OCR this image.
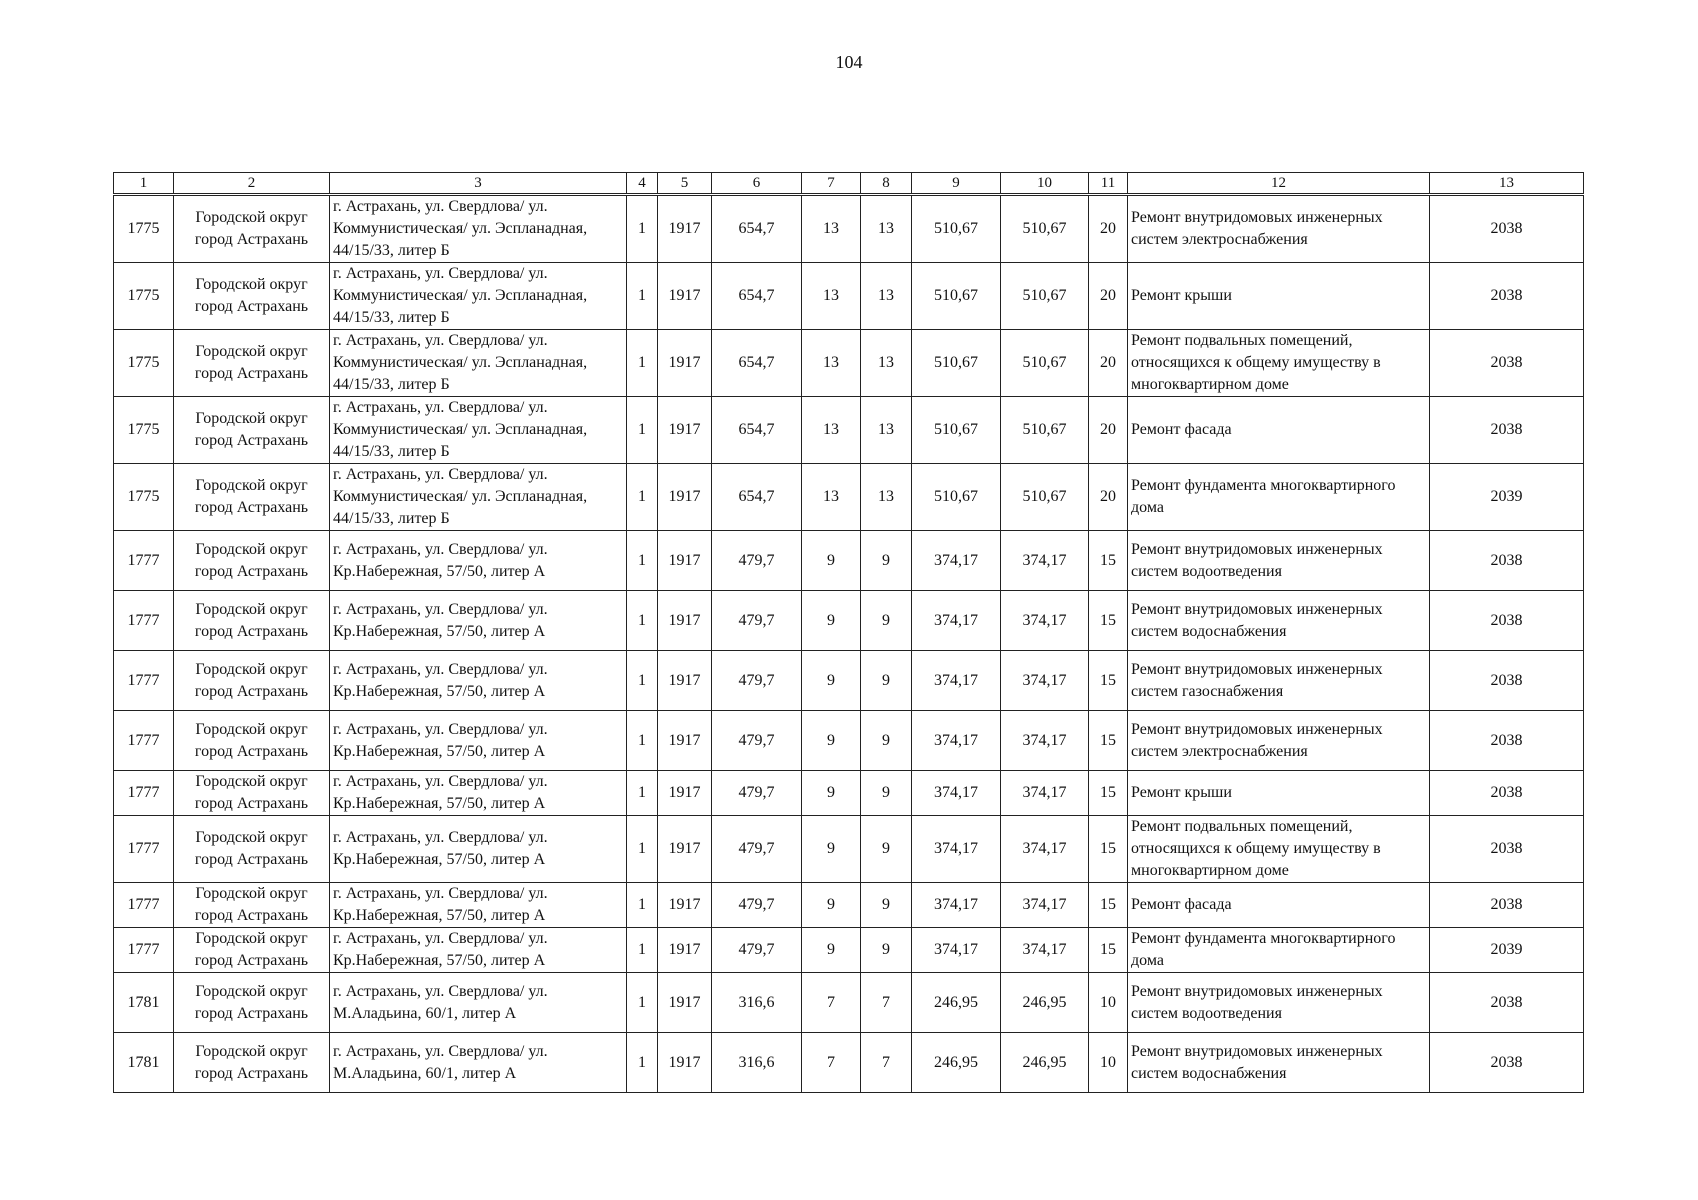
104
1	2	3	4	5	6	7	8	9	10	11	12	13
1775	Городской округ город Астрахань	г. Астрахань, ул. Свердлова/ ул. Коммунистическая/ ул. Эспланадная, 44/15/33, литер Б	1	1917	654,7	13	13	510,67	510,67	20	Ремонт внутридомовых инженерных систем электроснабжения	2038
1775	Городской округ город Астрахань	г. Астрахань, ул. Свердлова/ ул. Коммунистическая/ ул. Эспланадная, 44/15/33, литер Б	1	1917	654,7	13	13	510,67	510,67	20	Ремонт крыши	2038
1775	Городской округ город Астрахань	г. Астрахань, ул. Свердлова/ ул. Коммунистическая/ ул. Эспланадная, 44/15/33, литер Б	1	1917	654,7	13	13	510,67	510,67	20	Ремонт подвальных помещений, относящихся к общему имуществу в многоквартирном доме	2038
1775	Городской округ город Астрахань	г. Астрахань, ул. Свердлова/ ул. Коммунистическая/ ул. Эспланадная, 44/15/33, литер Б	1	1917	654,7	13	13	510,67	510,67	20	Ремонт фасада	2038
1775	Городской округ город Астрахань	г. Астрахань, ул. Свердлова/ ул. Коммунистическая/ ул. Эспланадная, 44/15/33, литер Б	1	1917	654,7	13	13	510,67	510,67	20	Ремонт фундамента многоквартирного дома	2039
1777	Городской округ город Астрахань	г. Астрахань, ул. Свердлова/ ул. Кр.Набережная, 57/50, литер А	1	1917	479,7	9	9	374,17	374,17	15	Ремонт внутридомовых инженерных систем водоотведения	2038
1777	Городской округ город Астрахань	г. Астрахань, ул. Свердлова/ ул. Кр.Набережная, 57/50, литер А	1	1917	479,7	9	9	374,17	374,17	15	Ремонт внутридомовых инженерных систем водоснабжения	2038
1777	Городской округ город Астрахань	г. Астрахань, ул. Свердлова/ ул. Кр.Набережная, 57/50, литер А	1	1917	479,7	9	9	374,17	374,17	15	Ремонт внутридомовых инженерных систем газоснабжения	2038
1777	Городской округ город Астрахань	г. Астрахань, ул. Свердлова/ ул. Кр.Набережная, 57/50, литер А	1	1917	479,7	9	9	374,17	374,17	15	Ремонт внутридомовых инженерных систем электроснабжения	2038
1777	Городской округ город Астрахань	г. Астрахань, ул. Свердлова/ ул. Кр.Набережная, 57/50, литер А	1	1917	479,7	9	9	374,17	374,17	15	Ремонт крыши	2038
1777	Городской округ город Астрахань	г. Астрахань, ул. Свердлова/ ул. Кр.Набережная, 57/50, литер А	1	1917	479,7	9	9	374,17	374,17	15	Ремонт подвальных помещений, относящихся к общему имуществу в многоквартирном доме	2038
1777	Городской округ город Астрахань	г. Астрахань, ул. Свердлова/ ул. Кр.Набережная, 57/50, литер А	1	1917	479,7	9	9	374,17	374,17	15	Ремонт фасада	2038
1777	Городской округ город Астрахань	г. Астрахань, ул. Свердлова/ ул. Кр.Набережная, 57/50, литер А	1	1917	479,7	9	9	374,17	374,17	15	Ремонт фундамента многоквартирного дома	2039
1781	Городской округ город Астрахань	г. Астрахань, ул. Свердлова/ ул. М.Аладьина, 60/1, литер А	1	1917	316,6	7	7	246,95	246,95	10	Ремонт внутридомовых инженерных систем водоотведения	2038
1781	Городской округ город Астрахань	г. Астрахань, ул. Свердлова/ ул. М.Аладьина, 60/1, литер А	1	1917	316,6	7	7	246,95	246,95	10	Ремонт внутридомовых инженерных систем водоснабжения	2038
